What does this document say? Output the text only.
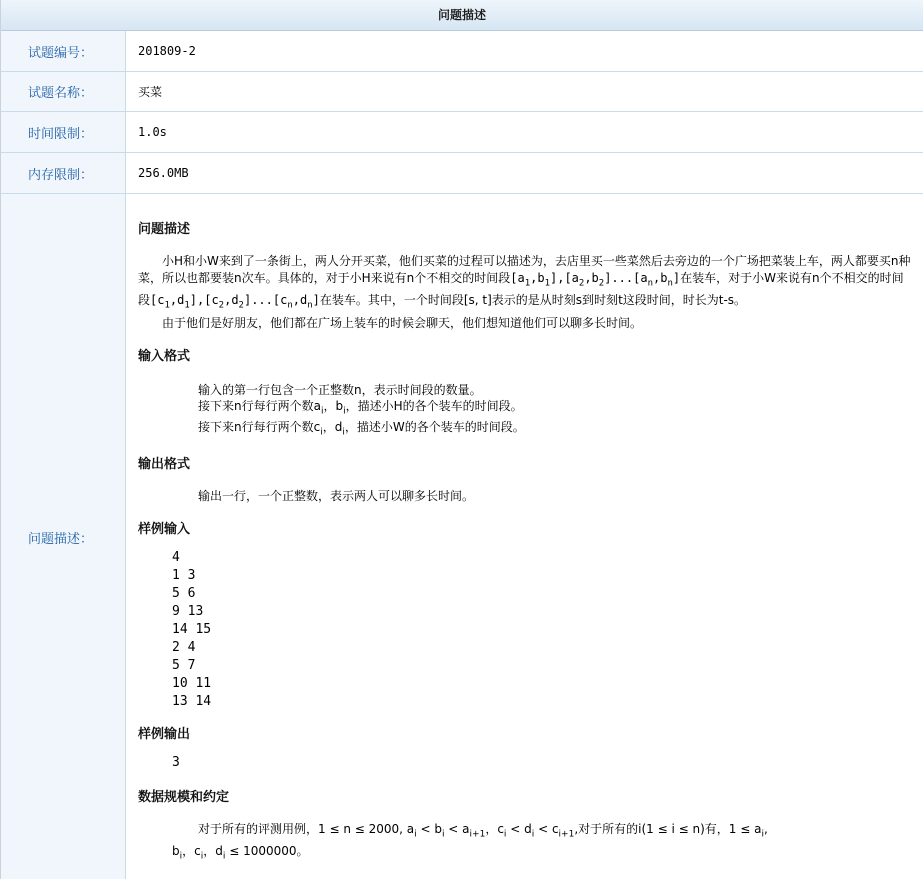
问题描述
试题编号：	201809-2
试题名称：	买菜
时间限制：	1.0s
内存限制：	256.0MB
问题描述：
问题描述
小H和小W来到了一条街上，两人分开买菜，他们买菜的过程可以描述为，去店里买一些菜然后去旁边的一个广场把菜装上车，两人都要买n种菜，所以也都要装n次车。具体的，对于小H来说有n个不相交的时间段$[a_1,b_1],[a_2,b_2]...[a_n,b_n]$在装车，对于小W来说有n个不相交的时间段$[c_1,d_1],[c_2,d_2]...[c_n,d_n]$在装车。其中，一个时间段[s, t]表示的是从时刻s到时刻t这段时间，时长为t-s。
由于他们是好朋友，他们都在广场上装车的时候会聊天，他们想知道他们可以聊多长时间。
输入格式
输入的第一行包含一个正整数n，表示时间段的数量。
接下来n行每行两个数$a_i$，$b_i$，描述小H的各个装车的时间段。
接下来n行每行两个数$c_i$，$d_i$，描述小W的各个装车的时间段。
输出格式
输出一行，一个正整数，表示两人可以聊多长时间。
样例输入
4
1 3
5 6
9 13
14 15
2 4
5 7
10 11
13 14
样例输出
3
数据规模和约定
对于所有的评测用例，1 ≤ n ≤ 2000, $a_i < b_i < a_{i+1}$，$c_i < d_i < c_{i+1}$,对于所有的i(1 ≤ i ≤ n)有，$1 \le a_i$,
$b_i$，$c_i$，$d_i \le 1000000$。
